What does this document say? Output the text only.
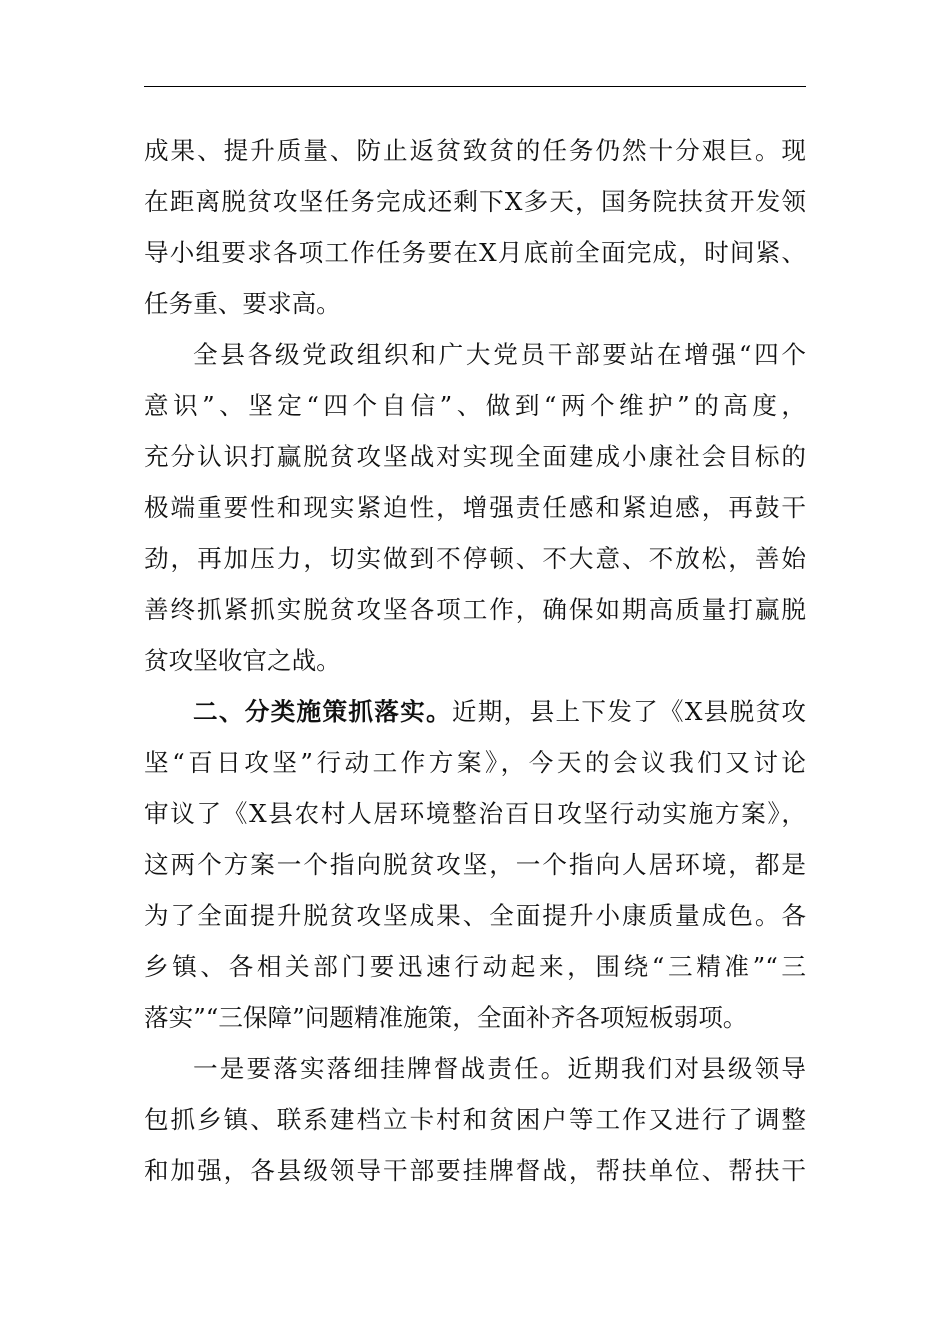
成果、提升质量、防止返贫致贫的任务仍然十分艰巨。现
在距离脱贫攻坚任务完成还剩下X多天，国务院扶贫开发领
导小组要求各项工作任务要在X月底前全面完成，时间紧、
任务重、要求高。
全县各级党政组织和广大党员干部要站在增强“四个
意识”、坚定“四个自信”、做到“两个维护”的高度，
充分认识打赢脱贫攻坚战对实现全面建成小康社会目标的
极端重要性和现实紧迫性，增强责任感和紧迫感，再鼓干
劲，再加压力，切实做到不停顿、不大意、不放松，善始
善终抓紧抓实脱贫攻坚各项工作，确保如期高质量打赢脱
贫攻坚收官之战。
二、分类施策抓落实。近期，县上下发了《X县脱贫攻
坚“百日攻坚”行动工作方案》，今天的会议我们又讨论
审议了《X县农村人居环境整治百日攻坚行动实施方案》，
这两个方案一个指向脱贫攻坚，一个指向人居环境，都是
为了全面提升脱贫攻坚成果、全面提升小康质量成色。各
乡镇、各相关部门要迅速行动起来，围绕“三精准”“三
落实”“三保障”问题精准施策，全面补齐各项短板弱项。
一是要落实落细挂牌督战责任。近期我们对县级领导
包抓乡镇、联系建档立卡村和贫困户等工作又进行了调整
和加强，各县级领导干部要挂牌督战，帮扶单位、帮扶干
